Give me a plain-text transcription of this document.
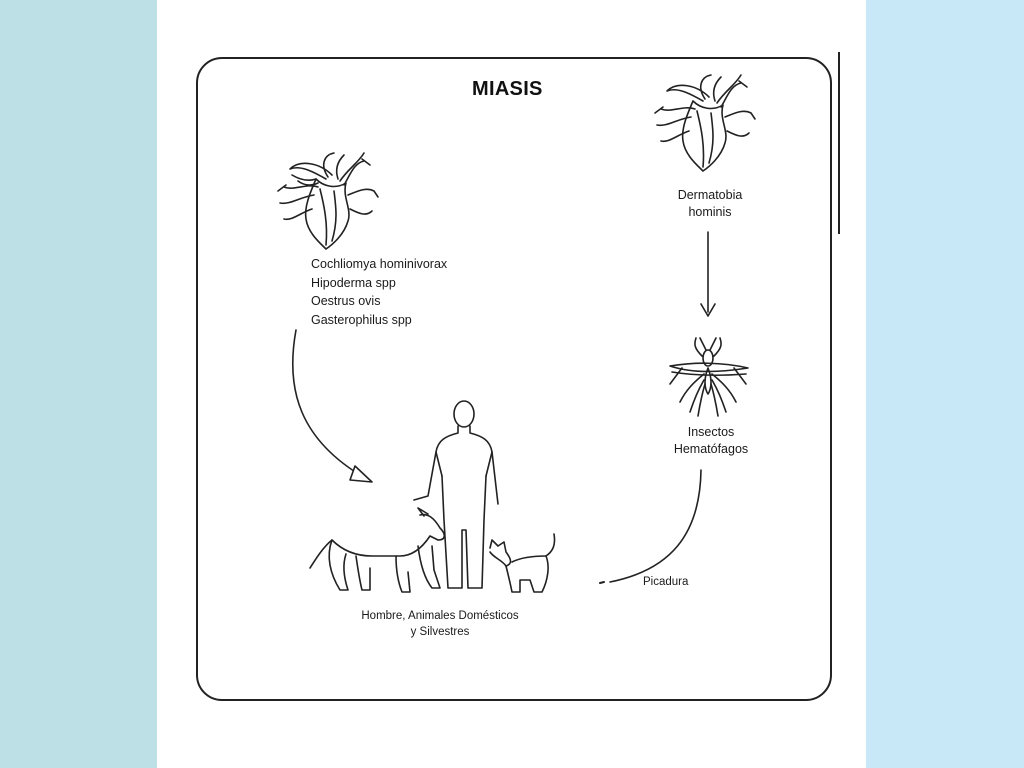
MIASIS
Cochliomya hominivorax
Hipoderma spp
Oestrus ovis
Gasterophilus spp
Dermatobia
hominis
Insectos
Hematófagos
Hombre, Animales Domésticos
y Silvestres
Picadura
